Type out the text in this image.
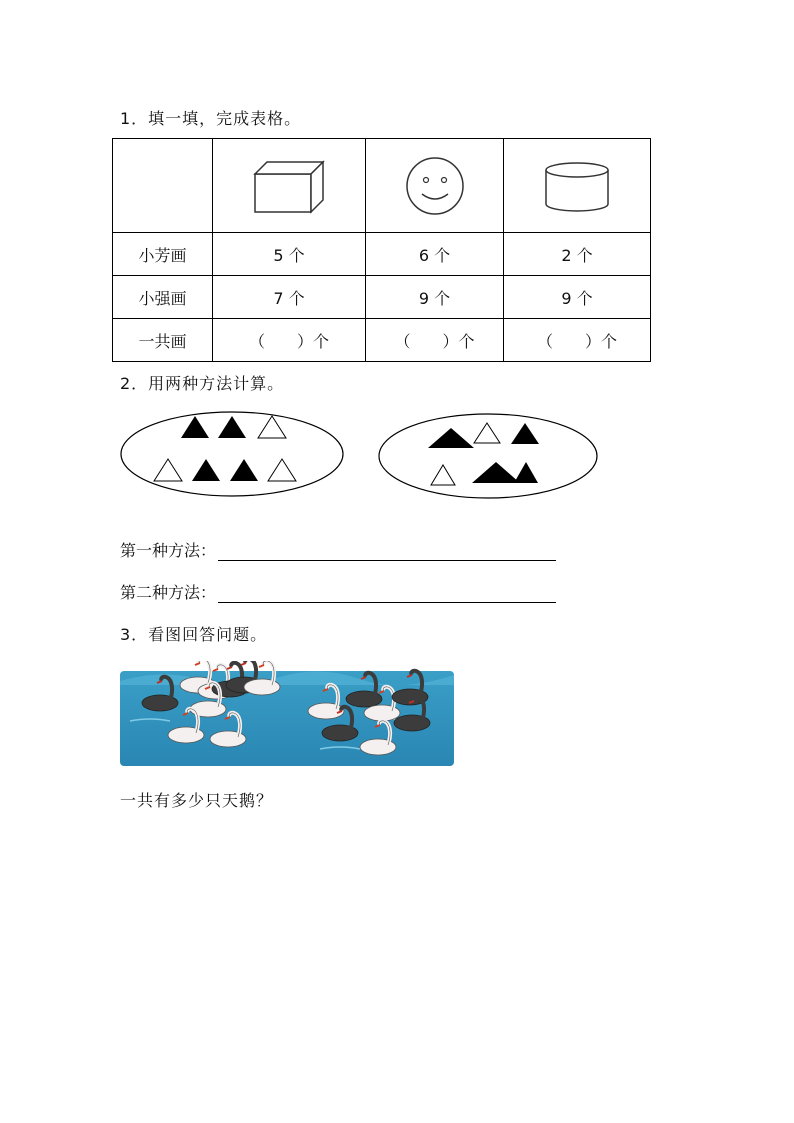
1．填一填，完成表格。

小芳画	5 个	6 个	2 个
小强画	7 个	9 个	9 个
一共画	（　　）个	（　　）个	（　　）个
2．用两种方法计算。
第一种方法：
第二种方法：
3．看图回答问题。
一共有多少只天鹅？
